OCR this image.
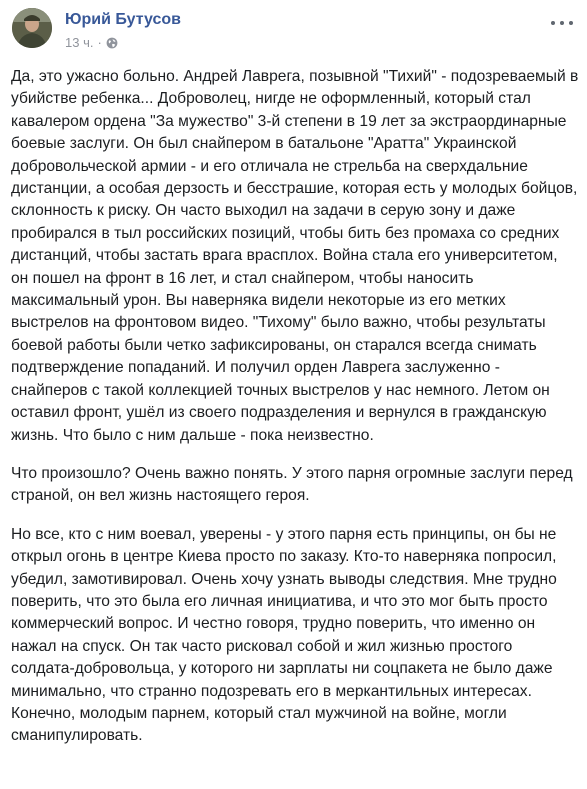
Юрий Бутусов
13 ч. ·

Да, это ужасно больно. Андрей Лаврега, позывной "Тихий" - подозреваемый в убийстве ребенка... Доброволец, нигде не оформленный, который стал кавалером ордена "За мужество" 3-й степени в 19 лет за экстраординарные боевые заслуги. Он был снайпером в батальоне "Аратта" Украинской добровольческой армии - и его отличала не стрельба на сверхдальние дистанции, а особая дерзость и бесстрашие, которая есть у молодых бойцов, склонность к риску. Он часто выходил на задачи в серую зону и даже пробирался в тыл российских позиций, чтобы бить без промаха со средних дистанций, чтобы застать врага врасплох. Война стала его университетом, он пошел на фронт в 16 лет, и стал снайпером, чтобы наносить максимальный урон. Вы наверняка видели некоторые из его метких выстрелов на фронтовом видео. "Тихому" было важно, чтобы результаты боевой работы были четко зафиксированы, он старался всегда снимать подтверждение попаданий. И получил орден Лаврега заслуженно - снайперов с такой коллекцией точных выстрелов у нас немного. Летом он оставил фронт, ушёл из своего подразделения и вернулся в гражданскую жизнь. Что было с ним дальше - пока неизвестно.

Что произошло? Очень важно понять. У этого парня огромные заслуги перед страной, он вел жизнь настоящего героя.

Но все, кто с ним воевал, уверены - у этого парня есть принципы, он бы не открыл огонь в центре Киева просто по заказу. Кто-то наверняка попросил, убедил, замотивировал. Очень хочу узнать выводы следствия. Мне трудно поверить, что это была его личная инициатива, и что это мог быть просто коммерческий вопрос. И честно говоря, трудно поверить, что именно он нажал на спуск. Он так часто рисковал собой и жил жизнью простого солдата-добровольца, у которого ни зарплаты ни соцпакета не было даже минимально, что странно подозревать его в меркантильных интересах. Конечно, молодым парнем, который стал мужчиной на войне, могли сманипулировать.
